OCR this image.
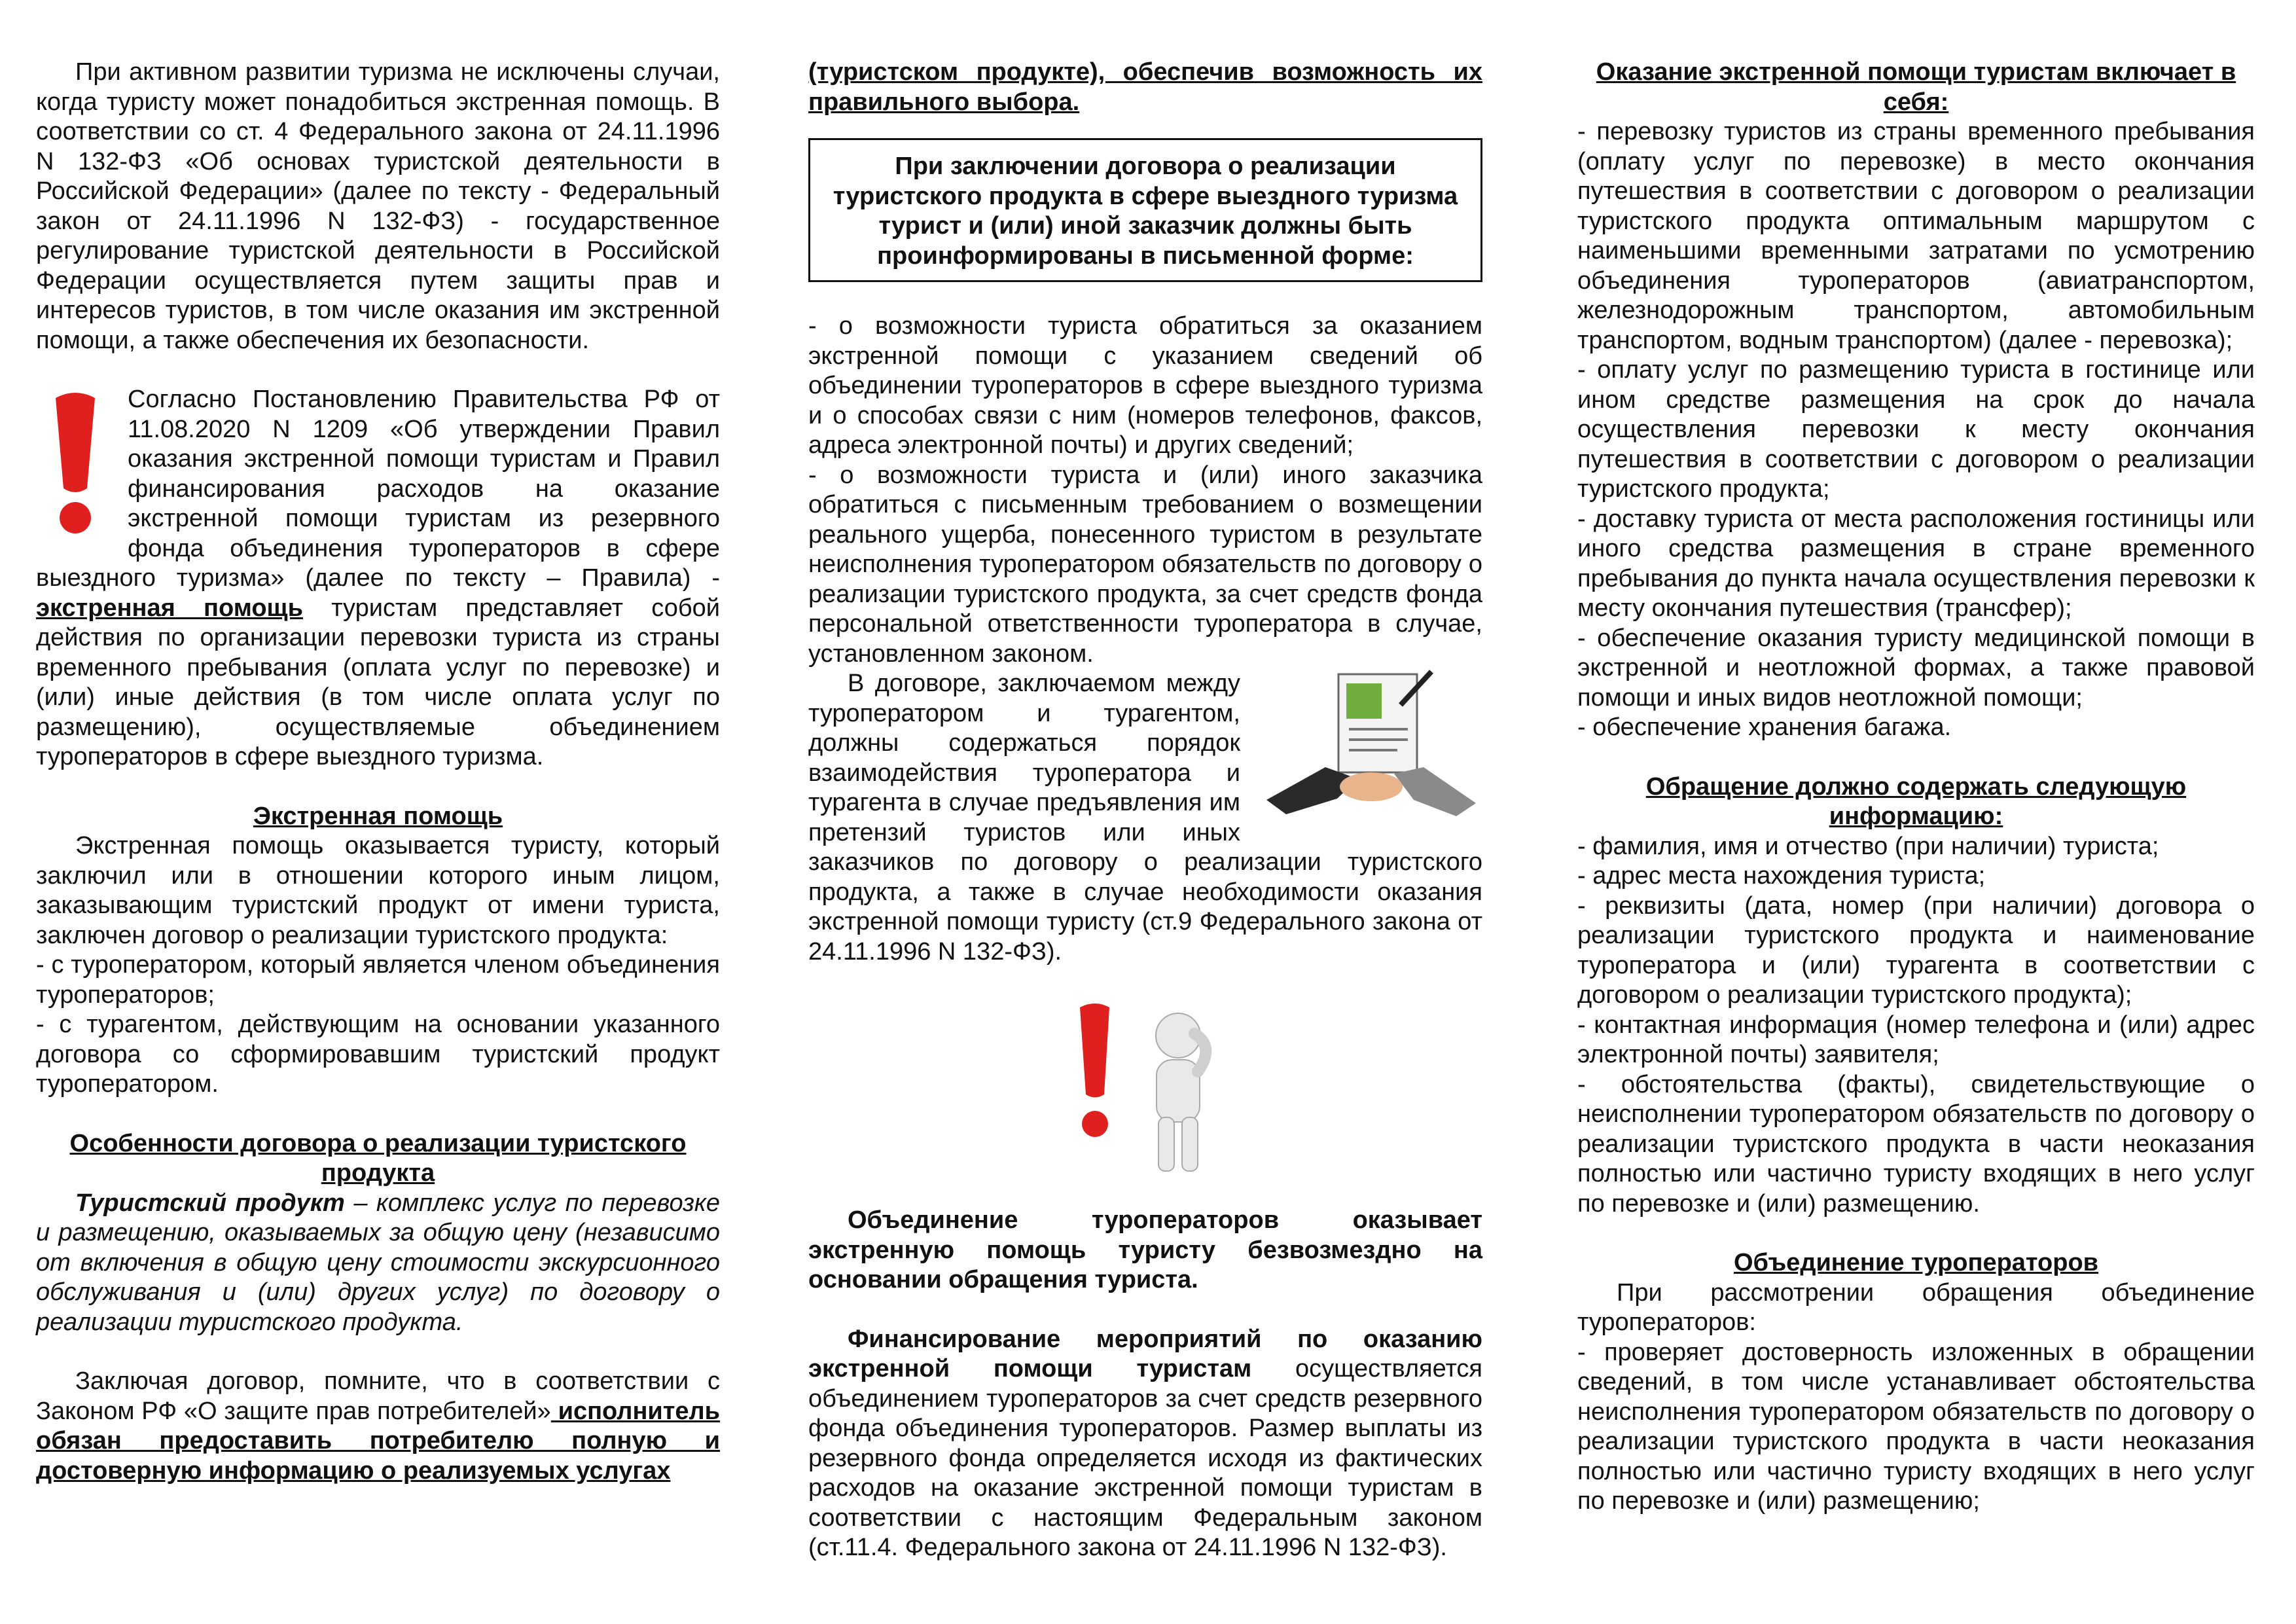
При активном развитии туризма не исключены случаи, когда туристу может понадобиться экстренная помощь. В соответствии со ст. 4 Федерального закона от 24.11.1996 N 132-ФЗ «Об основах туристской деятельности в Российской Федерации» (далее по тексту - Федеральный закон от 24.11.1996 N 132-ФЗ) - государственное регулирование туристской деятельности в Российской Федерации осуществляется путем защиты прав и интересов туристов, в том числе оказания им экстренной помощи, а также обеспечения их безопасности.

Согласно Постановлению Правительства РФ от 11.08.2020 N 1209 «Об утверждении Правил оказания экстренной помощи туристам и Правил финансирования расходов на оказание экстренной помощи туристам из резервного фонда объединения туроператоров в сфере выездного туризма» (далее по тексту – Правила) - экстренная помощь туристам представляет собой действия по организации перевозки туриста из страны временного пребывания (оплата услуг по перевозке) и (или) иные действия (в том числе оплата услуг по размещению), осуществляемые объединением туроператоров в сфере выездного туризма.

Экстренная помощь

Экстренная помощь оказывается туристу, который заключил или в отношении которого иным лицом, заказывающим туристский продукт от имени туриста, заключен договор о реализации туристского продукта:

- с туроператором, который является членом объединения туроператоров;

- с турагентом, действующим на основании указанного договора со сформировавшим туристский продукт туроператором.

Особенности договора о реализации туристского продукта

Туристский продукт – комплекс услуг по перевозке и размещению, оказываемых за общую цену (независимо от включения в общую цену стоимости экскурсионного обслуживания и (или) других услуг) по договору о реализации туристского продукта.

Заключая договор, помните, что в соответствии с Законом РФ «О защите прав потребителей» исполнитель обязан предоставить потребителю полную и достоверную информацию о реализуемых услугах

(туристском продукте), обеспечив возможность их правильного выбора.

При заключении договора о реализации туристского продукта в сфере выездного туризма турист и (или) иной заказчик должны быть проинформированы в письменной форме:

- о возможности туриста обратиться за оказанием экстренной помощи с указанием сведений об объединении туроператоров в сфере выездного туризма и о способах связи с ним (номеров телефонов, факсов, адреса электронной почты) и других сведений;

- о возможности туриста и (или) иного заказчика обратиться с письменным требованием о возмещении реального ущерба, понесенного туристом в результате неисполнения туроператором обязательств по договору о реализации туристского продукта, за счет средств фонда персональной ответственности туроператора в случае, установленном законом.

В договоре, заключаемом между туроператором и турагентом, должны содержаться порядок взаимодействия туроператора и турагента в случае предъявления им претензий туристов или иных заказчиков по договору о реализации туристского продукта, а также в случае необходимости оказания экстренной помощи туристу (ст.9 Федерального закона от 24.11.1996 N 132-ФЗ).

Объединение туроператоров оказывает экстренную помощь туристу безвозмездно на основании обращения туриста.

Финансирование мероприятий по оказанию экстренной помощи туристам осуществляется объединением туроператоров за счет средств резервного фонда объединения туроператоров. Размер выплаты из резервного фонда определяется исходя из фактических расходов на оказание экстренной помощи туристам в соответствии с настоящим Федеральным законом (ст.11.4. Федерального закона от 24.11.1996 N 132-ФЗ).

Оказание экстренной помощи туристам включает в себя:

- перевозку туристов из страны временного пребывания (оплату услуг по перевозке) в место окончания путешествия в соответствии с договором о реализации туристского продукта оптимальным маршрутом с наименьшими временными затратами по усмотрению объединения туроператоров (авиатранспортом, железнодорожным транспортом, автомобильным транспортом, водным транспортом) (далее - перевозка);

- оплату услуг по размещению туриста в гостинице или ином средстве размещения на срок до начала осуществления перевозки к месту окончания путешествия в соответствии с договором о реализации туристского продукта;

- доставку туриста от места расположения гостиницы или иного средства размещения в стране временного пребывания до пункта начала осуществления перевозки к месту окончания путешествия (трансфер);

- обеспечение оказания туристу медицинской помощи в экстренной и неотложной формах, а также правовой помощи и иных видов неотложной помощи;

- обеспечение хранения багажа.

Обращение должно содержать следующую информацию:

- фамилия, имя и отчество (при наличии) туриста;

- адрес места нахождения туриста;

- реквизиты (дата, номер (при наличии) договора о реализации туристского продукта и наименование туроператора и (или) турагента в соответствии с договором о реализации туристского продукта);

- контактная информация (номер телефона и (или) адрес электронной почты) заявителя;

- обстоятельства (факты), свидетельствующие о неисполнении туроператором обязательств по договору о реализации туристского продукта в части неоказания полностью или частично туристу входящих в него услуг по перевозке и (или) размещению.

Объединение туроператоров

При рассмотрении обращения объединение туроператоров:

- проверяет достоверность изложенных в обращении сведений, в том числе устанавливает обстоятельства неисполнения туроператором обязательств по договору о реализации туристского продукта в части неоказания полностью или частично туристу входящих в него услуг по перевозке и (или) размещению;
